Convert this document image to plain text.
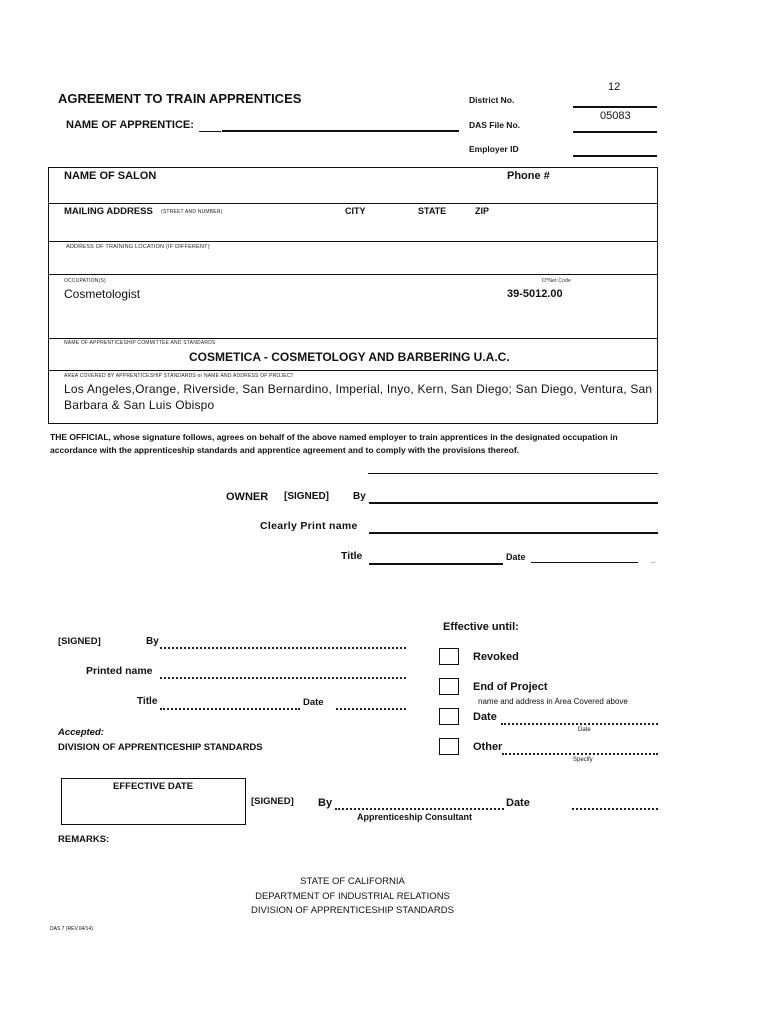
AGREEMENT TO TRAIN APPRENTICES
NAME OF APPRENTICE:
District No.
12
DAS File No.
05083
Employer ID
NAME OF SALON	Phone #
MAILING ADDRESS (STREET AND NUMBER)	CITY	STATE	ZIP
ADDRESS OF TRAINING LOCATION (IF DIFFERENT)
OCCUPATION(S)	O*Net Code
Cosmetologist	39-5012.00
NAME OF APPRENTICESHIP COMMITTEE AND STANDARDS
COSMETICA - COSMETOLOGY AND BARBERING U.A.C.
AREA COVERED BY APPRENTICESHIP STANDARDS or NAME AND ADDRESS OF PROJECT
Los Angeles,Orange, Riverside, San Bernardino, Imperial, Inyo, Kern, San Diego; San Diego, Ventura, San
Barbara & San Luis Obispo
THE OFFICIAL, whose signature follows, agrees on behalf of the above named employer to train apprentices in the designated occupation in
accordance with the apprenticeship standards and apprentice agreement and to comply with the provisions thereof.
OWNER [SIGNED] By
Clearly Print name
Title	Date	...
[SIGNED]	By
Printed name
Title	Date
Accepted:
DIVISION OF APPRENTICESHIP STANDARDS
Effective until:
Revoked
End of Project
name and address in Area Covered above
Date
Date
Other
Specify
EFFECTIVE DATE
[SIGNED] By	Date
Apprenticeship Consultant
REMARKS:
STATE OF CALIFORNIA
DEPARTMENT OF INDUSTRIAL RELATIONS
DIVISION OF APPRENTICESHIP STANDARDS
DAS 7 (REV.04/14)
